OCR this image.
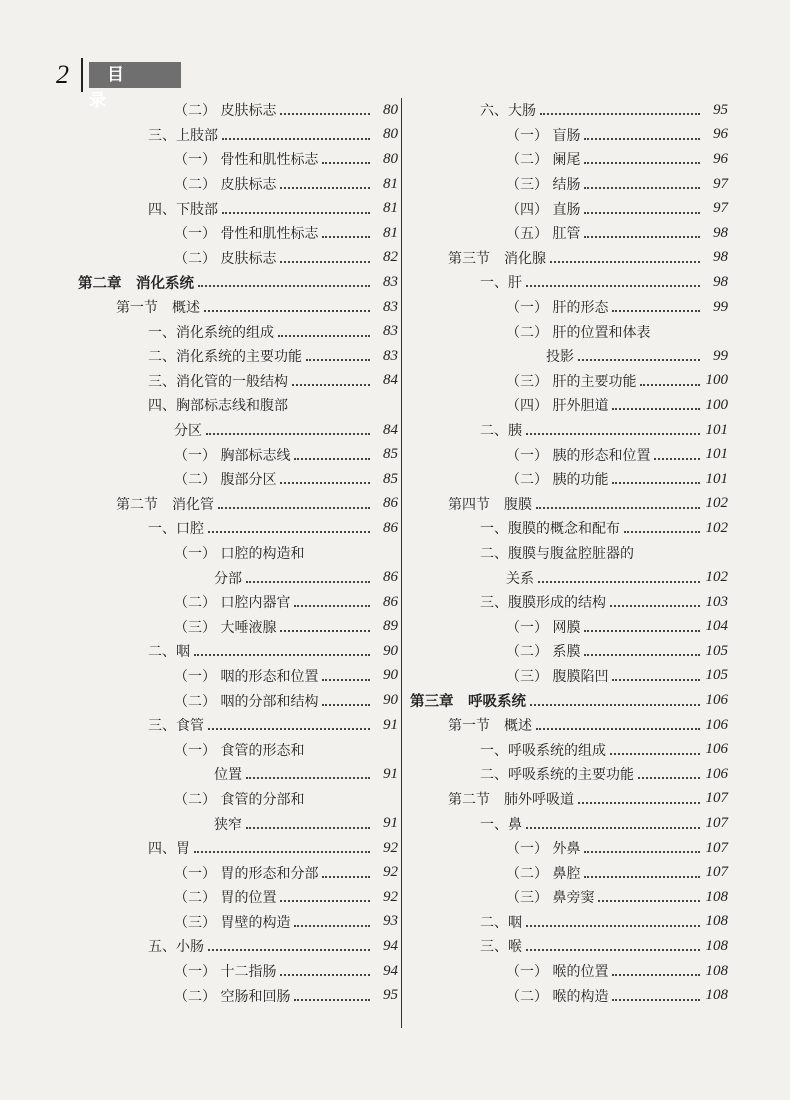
2	目 录
（二） 皮肤标志	80
三、上肢部	80
（一） 骨性和肌性标志	80
（二） 皮肤标志	81
四、下肢部	81
（一） 骨性和肌性标志	81
（二） 皮肤标志	82
第二章　消化系统	83
第一节　概述	83
一、消化系统的组成	83
二、消化系统的主要功能	83
三、消化管的一般结构	84
四、胸部标志线和腹部
分区	84
（一） 胸部标志线	85
（二） 腹部分区	85
第二节　消化管	86
一、口腔	86
（一） 口腔的构造和
分部	86
（二） 口腔内器官	86
（三） 大唾液腺	89
二、咽	90
（一） 咽的形态和位置	90
（二） 咽的分部和结构	90
三、食管	91
（一） 食管的形态和
位置	91
（二） 食管的分部和
狭窄	91
四、胃	92
（一） 胃的形态和分部	92
（二） 胃的位置	92
（三） 胃壁的构造	93
五、小肠	94
（一） 十二指肠	94
（二） 空肠和回肠	95
六、大肠	95
（一） 盲肠	96
（二） 阑尾	96
（三） 结肠	97
（四） 直肠	97
（五） 肛管	98
第三节　消化腺	98
一、肝	98
（一） 肝的形态	99
（二） 肝的位置和体表
投影	99
（三） 肝的主要功能	100
（四） 肝外胆道	100
二、胰	101
（一） 胰的形态和位置	101
（二） 胰的功能	101
第四节　腹膜	102
一、腹膜的概念和配布	102
二、腹膜与腹盆腔脏器的
关系	102
三、腹膜形成的结构	103
（一） 网膜	104
（二） 系膜	105
（三） 腹膜陷凹	105
第三章　呼吸系统	106
第一节　概述	106
一、呼吸系统的组成	106
二、呼吸系统的主要功能	106
第二节　肺外呼吸道	107
一、鼻	107
（一） 外鼻	107
（二） 鼻腔	107
（三） 鼻旁窦	108
二、咽	108
三、喉	108
（一） 喉的位置	108
（二） 喉的构造	108
